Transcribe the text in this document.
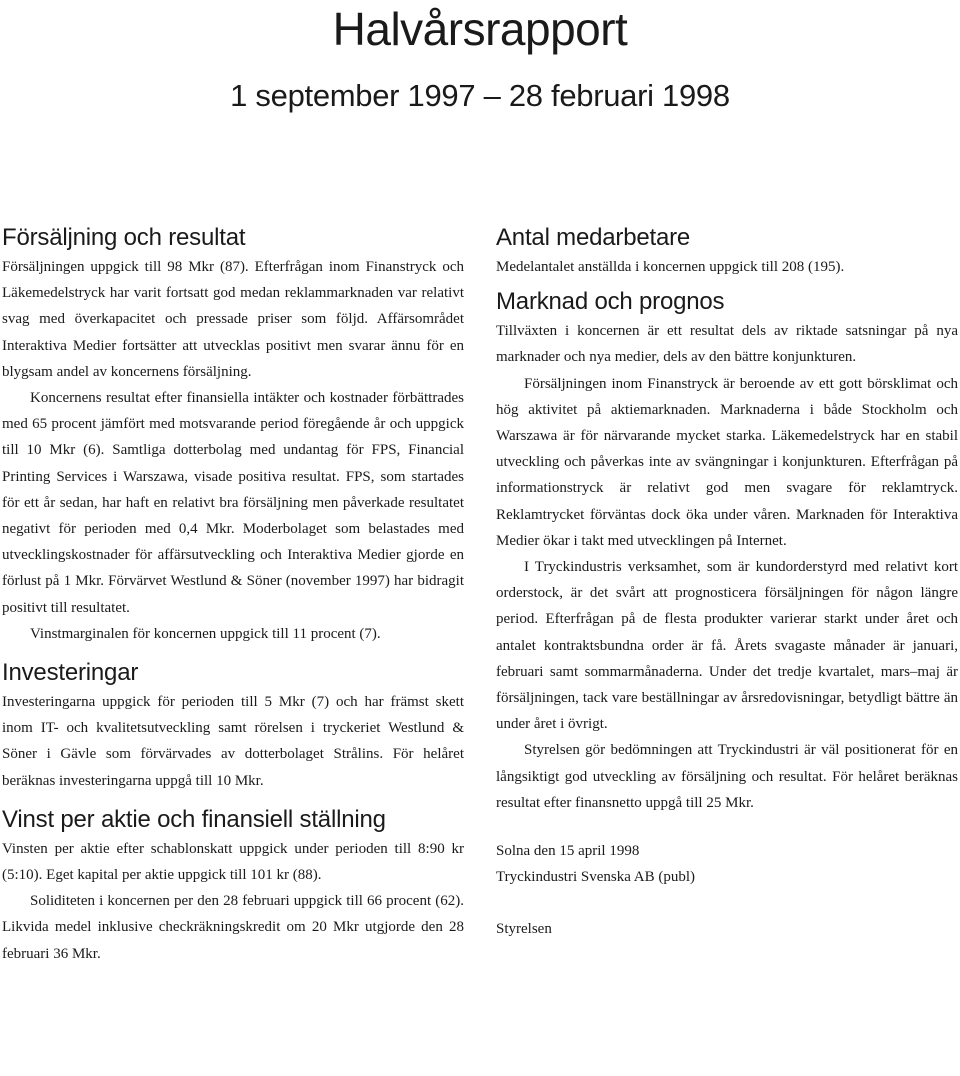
Halvårsrapport
1 september 1997 – 28 februari 1998
Försäljning och resultat

Försäljningen uppgick till 98 Mkr (87). Efterfrågan inom Finanstryck och Läkemedelstryck har varit fortsatt god medan reklammarknaden var relativt svag med överkapacitet och pressade priser som följd. Affärsområdet Interaktiva Medier fortsätter att utvecklas positivt men svarar ännu för en blygsam andel av koncernens försäljning.

Koncernens resultat efter finansiella intäkter och kostnader förbättrades med 65 procent jämfört med motsvarande period föregående år och uppgick till 10 Mkr (6). Samtliga dotterbolag med undantag för FPS, Financial Printing Services i Warszawa, visade positiva resultat. FPS, som startades för ett år sedan, har haft en relativt bra försäljning men påverkade resultatet negativt för perioden med 0,4 Mkr. Moderbolaget som belastades med utvecklingskostnader för affärsutveckling och Interaktiva Medier gjorde en förlust på 1 Mkr. Förvärvet Westlund & Söner (november 1997) har bidragit positivt till resultatet.

Vinstmarginalen för koncernen uppgick till 11 procent (7).

Investeringar

Investeringarna uppgick för perioden till 5 Mkr (7) och har främst skett inom IT- och kvalitetsutveckling samt rörelsen i tryckeriet Westlund & Söner i Gävle som förvärvades av dotterbolaget Strålins. För helåret beräknas investeringarna uppgå till 10 Mkr.

Vinst per aktie och finansiell ställning

Vinsten per aktie efter schablonskatt uppgick under perioden till 8:90 kr (5:10). Eget kapital per aktie uppgick till 101 kr (88).

Soliditeten i koncernen per den 28 februari uppgick till 66 procent (62). Likvida medel inklusive checkräkningskredit om 20 Mkr utgjorde den 28 februari 36 Mkr.

Antal medarbetare

Medelantalet anställda i koncernen uppgick till 208 (195).

Marknad och prognos

Tillväxten i koncernen är ett resultat dels av riktade satsningar på nya marknader och nya medier, dels av den bättre konjunkturen.

Försäljningen inom Finanstryck är beroende av ett gott börsklimat och hög aktivitet på aktiemarknaden. Marknaderna i både Stockholm och Warszawa är för närvarande mycket starka. Läkemedelstryck har en stabil utveckling och påverkas inte av svängningar i konjunkturen. Efterfrågan på informationstryck är relativt god men svagare för reklamtryck. Reklamtrycket förväntas dock öka under våren. Marknaden för Interaktiva Medier ökar i takt med utvecklingen på Internet.

I Tryckindustris verksamhet, som är kundorderstyrd med relativt kort orderstock, är det svårt att prognosticera försäljningen för någon längre period. Efterfrågan på de flesta produkter varierar starkt under året och antalet kontraktsbundna order är få. Årets svagaste månader är januari, februari samt sommarmånaderna. Under det tredje kvartalet, mars–maj är försäljningen, tack vare beställningar av årsredovisningar, betydligt bättre än under året i övrigt.

Styrelsen gör bedömningen att Tryckindustri är väl positionerat för en långsiktigt god utveckling av försäljning och resultat. För helåret beräknas resultat efter finansnetto uppgå till 25 Mkr.

Solna den 15 april 1998
Tryckindustri Svenska AB (publ)
Styrelsen
